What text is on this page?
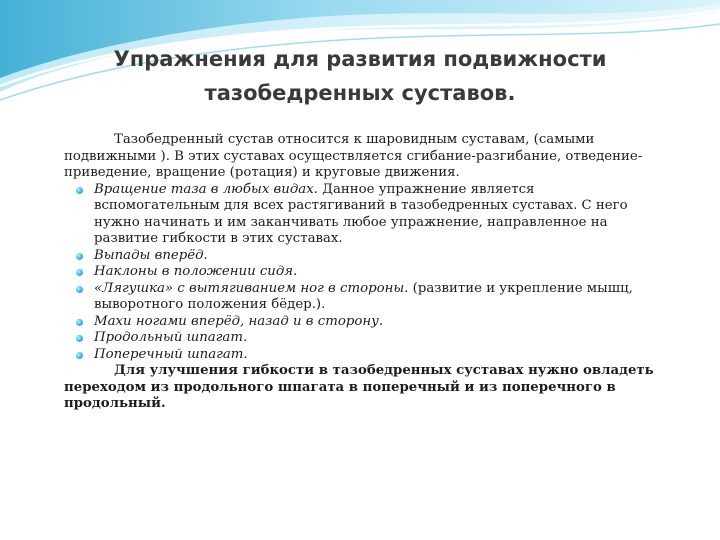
Упражнения для развития подвижности
тазобедренных суставов.

Тазобедренный сустав относится к шаровидным суставам, (самыми подвижными ). В этих суставах осуществляется сгибание-разгибание, отведение-приведение, вращение (ротация) и круговые движения.

Вращение таза в любых видах. Данное упражнение является вспомогательным для всех растягиваний в тазобедренных суставах. С него нужно начинать и им заканчивать любое упражнение, направленное на развитие гибкости в этих суставах.
Выпады вперёд.
Наклоны в положении сидя.
«Лягушка» с вытягиванием ног в стороны. (развитие и укрепление мышц, выворотного положения бёдер.).
Махи ногами вперёд, назад и в сторону.
Продольный шпагат.
Поперечный шпагат.

Для улучшения гибкости в тазобедренных суставах нужно овладеть переходом из продольного шпагата в поперечный и из поперечного в продольный.
